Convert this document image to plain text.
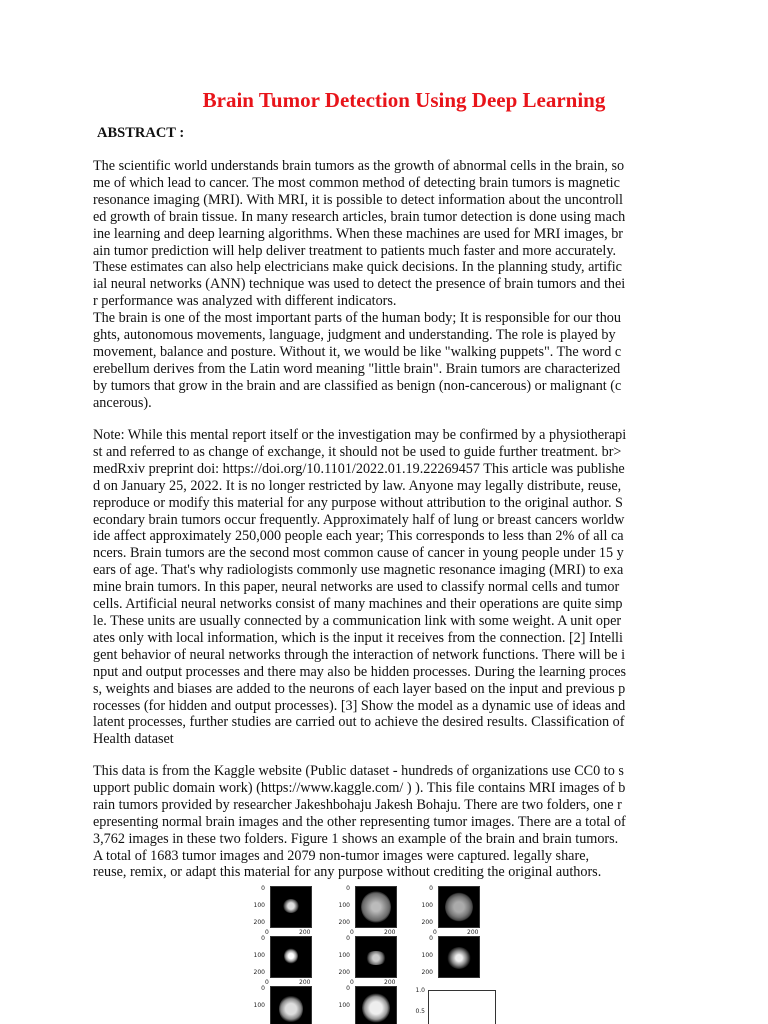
Brain Tumor Detection Using Deep Learning
ABSTRACT :
The scientific world understands brain tumors as the growth of abnormal cells in the brain, so
me of which lead to cancer. The most common method of detecting brain tumors is magnetic
resonance imaging (MRI). With MRI, it is possible to detect information about the uncontroll
ed growth of brain tissue. In many research articles, brain tumor detection is done using mach
ine learning and deep learning algorithms. When these machines are used for MRI images, br
ain tumor prediction will help deliver treatment to patients much faster and more accurately.
These estimates can also help electricians make quick decisions. In the planning study, artific
ial neural networks (ANN) technique was used to detect the presence of brain tumors and thei
r performance was analyzed with different indicators.
The brain is one of the most important parts of the human body; It is responsible for our thou
ghts, autonomous movements, language, judgment and understanding. The role is played by
movement, balance and posture. Without it, we would be like "walking puppets". The word c
erebellum derives from the Latin word meaning "little brain". Brain tumors are characterized
by tumors that grow in the brain and are classified as benign (non-cancerous) or malignant (c
ancerous).
Note: While this mental report itself or the investigation may be confirmed by a physiotherapi
st and referred to as change of exchange, it should not be used to guide further treatment. br>
medRxiv preprint doi: https://doi.org/10.1101/2022.01.19.22269457 This article was publishe
d on January 25, 2022. It is no longer restricted by law. Anyone may legally distribute, reuse,
reproduce or modify this material for any purpose without attribution to the original author. S
econdary brain tumors occur frequently. Approximately half of lung or breast cancers worldw
ide affect approximately 250,000 people each year; This corresponds to less than 2% of all ca
ncers. Brain tumors are the second most common cause of cancer in young people under 15 y
ears of age. That's why radiologists commonly use magnetic resonance imaging (MRI) to exa
mine brain tumors. In this paper, neural networks are used to classify normal cells and tumor
cells. Artificial neural networks consist of many machines and their operations are quite simp
le. These units are usually connected by a communication link with some weight. A unit oper
ates only with local information, which is the input it receives from the connection. [2] Intelli
gent behavior of neural networks through the interaction of network functions. There will be i
nput and output processes and there may also be hidden processes. During the learning proces
s, weights and biases are added to the neurons of each layer based on the input and previous p
rocesses (for hidden and output processes). [3] Show the model as a dynamic use of ideas and
latent processes, further studies are carried out to achieve the desired results. Classification of
Health dataset
This data is from the Kaggle website (Public dataset - hundreds of organizations use CC0 to s
upport public domain work) (https://www.kaggle.com/ ) ). This file contains MRI images of b
rain tumors provided by researcher Jakeshbohaju Jakesh Bohaju. There are two folders, one r
epresenting normal brain images and the other representing tumor images. There are a total of
3,762 images in these two folders. Figure 1 shows an example of the brain and brain tumors.
A total of 1683 tumor images and 2079 non-tumor images were captured. legally share,
reuse, remix, or adapt this material for any purpose without crediting the original authors.
0
100
200
0
100
200
0
100
200
0	200
0
100
200
0	200
0
100
200
0	200
0
100
200
0	200
0
100
0	200
0
100
1.0
0.5
